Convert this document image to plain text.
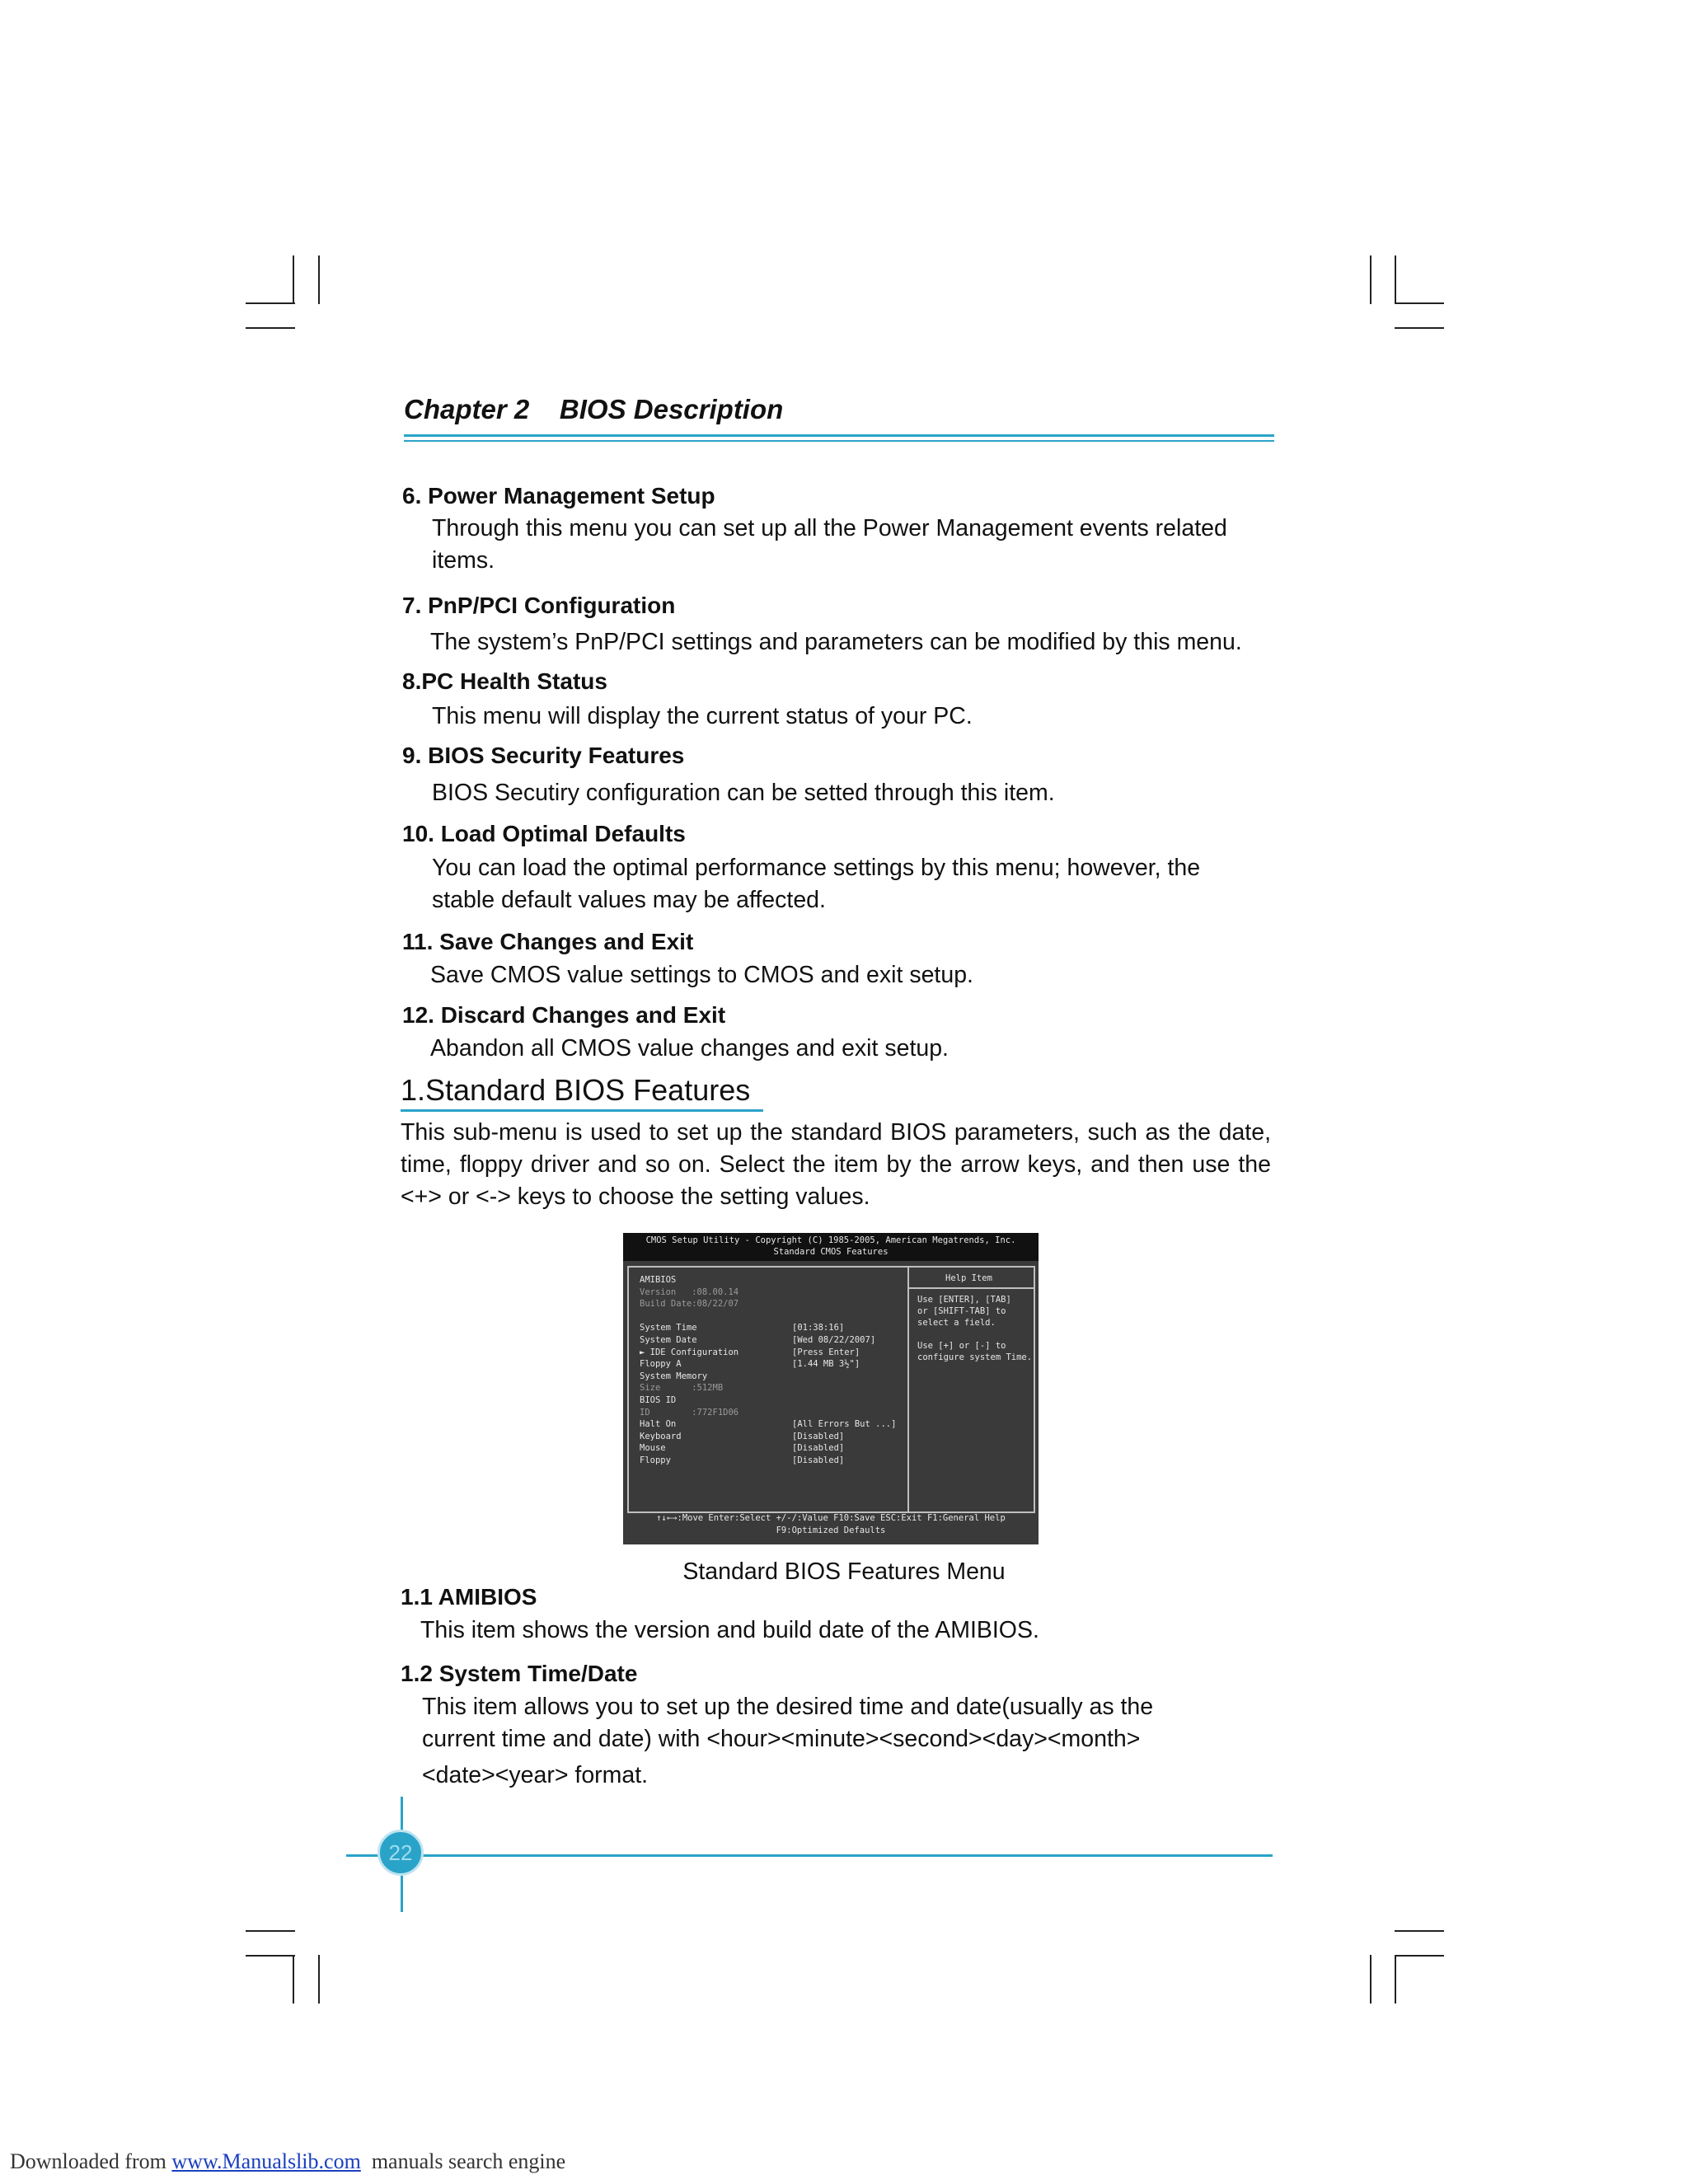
Chapter 2 BIOS Description
6. Power Management Setup
Through this menu you can set up all the Power Management events related
items.
7. PnP/PCI Configuration
The system’s PnP/PCI settings and parameters can be modified by this menu.
8.PC Health Status
This menu will display the current status of your PC.
9. BIOS Security Features
BIOS Secutiry configuration can be setted through this item.
10. Load Optimal Defaults
You can load the optimal performance settings by this menu; however, the
stable default values may be affected.
11. Save Changes and Exit
Save CMOS value settings to CMOS and exit setup.
12. Discard Changes and Exit
Abandon all CMOS value changes and exit setup.
1.Standard BIOS Features
This sub-menu is used to set up the standard BIOS parameters, such as the date, time, floppy driver and so on. Select the item by the arrow keys, and then use the <+> or <-> keys to choose the setting values.
CMOS Setup Utility - Copyright (C) 1985-2005, American Megatrends, Inc.
Standard CMOS Features
Help Item
Use [ENTER], [TAB]
or [SHIFT-TAB] to
select a field.

Use [+] or [-] to
configure system Time.
AMIBIOS
Version   :08.00.14
Build Date:08/22/07
System Time	[01:38:16]
System Date	[Wed 08/22/2007]
► IDE Configuration	[Press Enter]
Floppy A	[1.44 MB 3½"]
System Memory
Size      :512MB
BIOS ID
ID        :772F1D06
Halt On	[All Errors But ...]
Keyboard	[Disabled]
Mouse	[Disabled]
Floppy	[Disabled]
↑↓←→:Move Enter:Select +/-/:Value F10:Save ESC:Exit F1:General Help
F9:Optimized Defaults
Standard BIOS Features Menu
1.1 AMIBIOS
This item shows the version and build date of the AMIBIOS.
1.2 System Time/Date
This item allows you to set up the desired time and date(usually as the
current time and date) with <hour><minute><second><day><month>
<date><year> format.
22
Downloaded from www.Manualslib.com  manuals search engine
